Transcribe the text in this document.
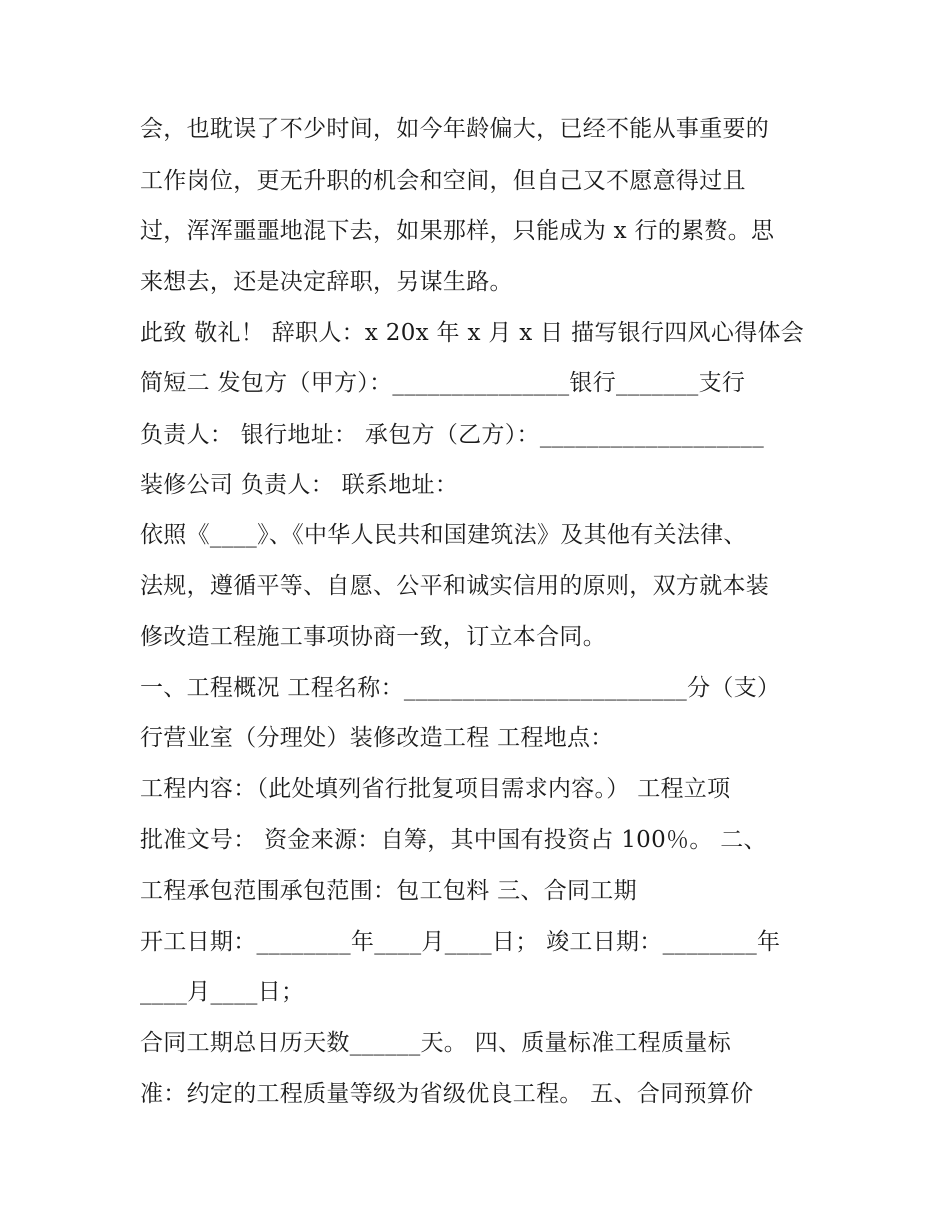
会，也耽误了不少时间，如今年龄偏大，已经不能从事重要的

工作岗位，更无升职的机会和空间，但自己又不愿意得过且

过，浑浑噩噩地混下去，如果那样，只能成为 x 行的累赘。思

来想去，还是决定辞职，另谋生路。

此致 敬礼！ 辞职人：x 20x 年 x 月 x 日 描写银行四风心得体会

简短二 发包方（甲方）：_______________银行_______支行

负责人： 银行地址： 承包方（乙方）：___________________

装修公司 负责人： 联系地址：

依照《____》、《中华人民共和国建筑法》及其他有关法律、

法规，遵循平等、自愿、公平和诚实信用的原则，双方就本装

修改造工程施工事项协商一致，订立本合同。

一、工程概况 工程名称：________________________分（支）

行营业室（分理处）装修改造工程 工程地点：

工程内容：（此处填列省行批复项目需求内容。） 工程立项

批准文号： 资金来源：自筹，其中国有投资占 100％。 二、

工程承包范围承包范围：包工包料 三、合同工期

开工日期：________年____月____日； 竣工日期：________年

____月____日；

合同工期总日历天数______天。 四、质量标准工程质量标

准：约定的工程质量等级为省级优良工程。 五、合同预算价
